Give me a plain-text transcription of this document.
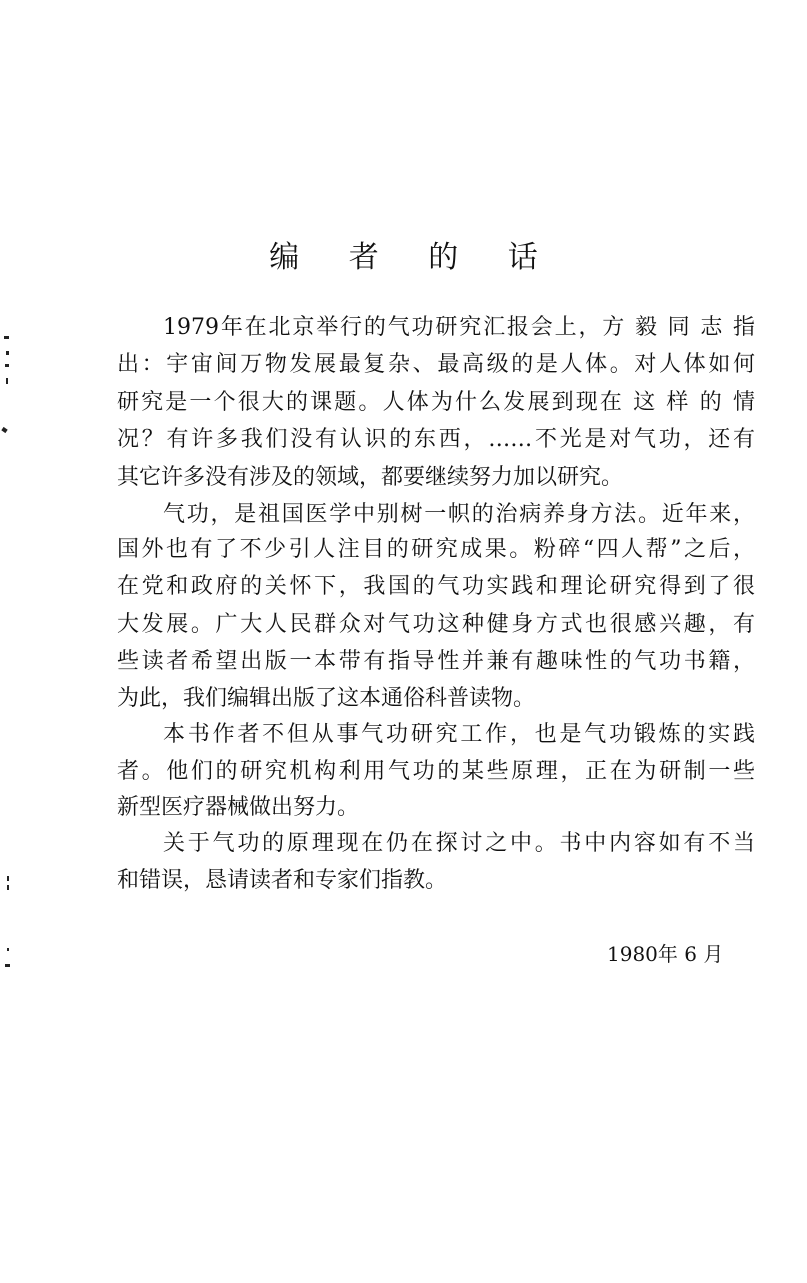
编 者 的 话
1979年在北京举行的气功研究汇报会上，方 毅 同 志 指
出：宇宙间万物发展最复杂、最高级的是人体。对人体如何
研究是一个很大的课题。人体为什么发展到现在 这 样 的 情
况？有许多我们没有认识的东西，……不光是对气功，还有
其它许多没有涉及的领域，都要继续努力加以研究。
气功，是祖国医学中别树一帜的治病养身方法。近年来，
国外也有了不少引人注目的研究成果。粉碎“四人帮”之后，
在党和政府的关怀下，我国的气功实践和理论研究得到了很
大发展。广大人民群众对气功这种健身方式也很感兴趣，有
些读者希望出版一本带有指导性并兼有趣味性的气功书籍，
为此，我们编辑出版了这本通俗科普读物。
本书作者不但从事气功研究工作，也是气功锻炼的实践
者。他们的研究机构利用气功的某些原理，正在为研制一些
新型医疗器械做出努力。
关于气功的原理现在仍在探讨之中。书中内容如有不当
和错误，恳请读者和专家们指教。
1980年 6 月
